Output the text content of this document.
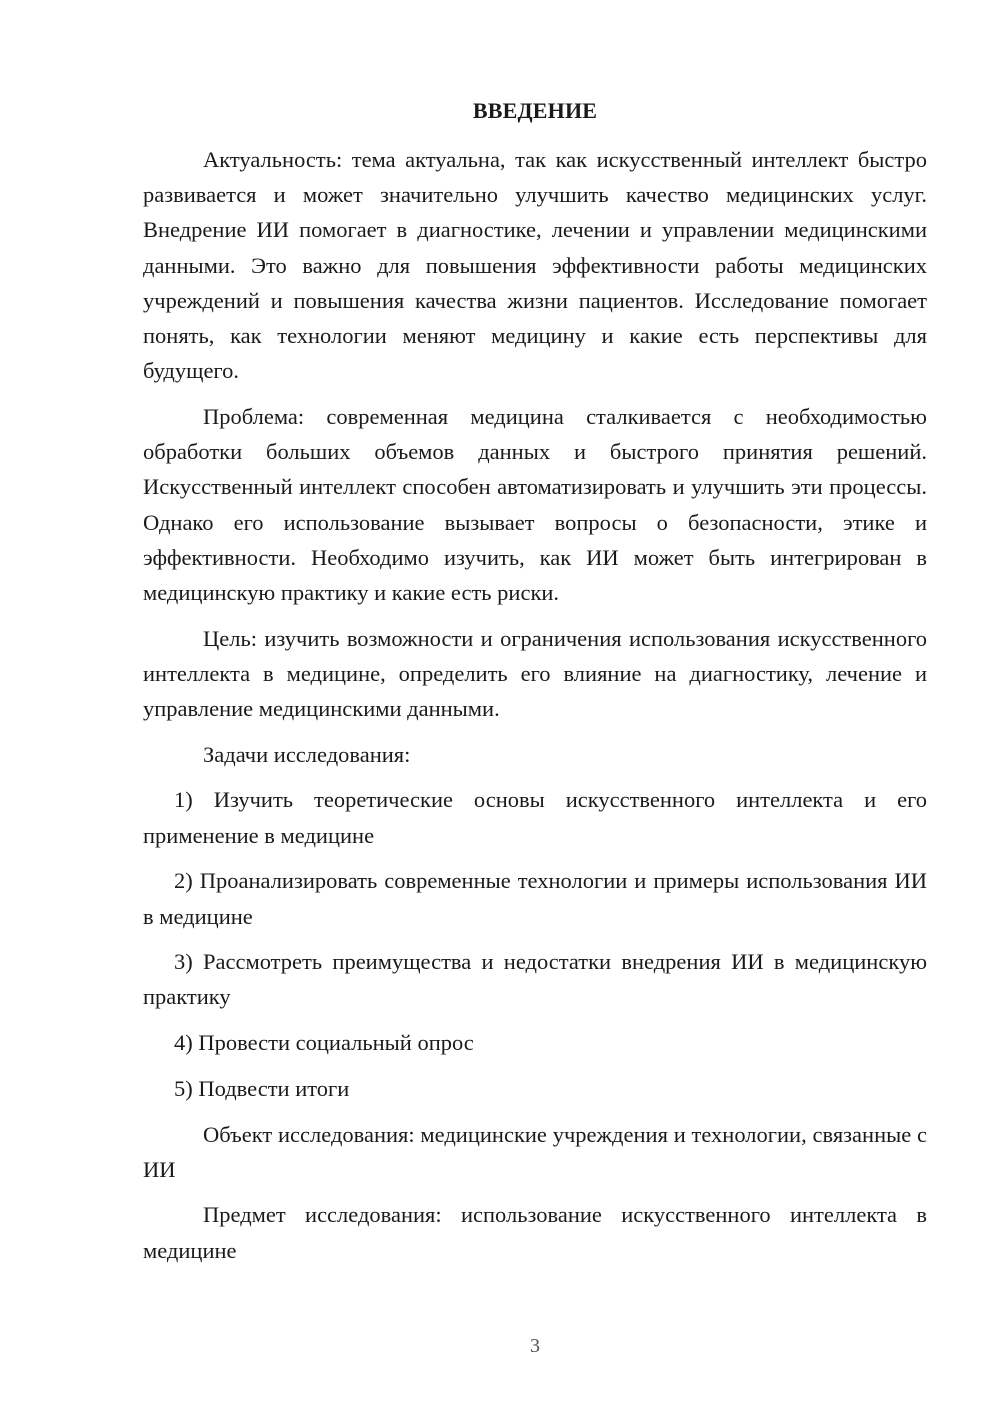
ВВЕДЕНИЕ

Актуальность: тема актуальна, так как искусственный интеллект быстро развивается и может значительно улучшить качество медицинских услуг. Внедрение ИИ помогает в диагностике, лечении и управлении медицинскими данными. Это важно для повышения эффективности работы медицинских учреждений и повышения качества жизни пациентов. Исследование помогает понять, как технологии меняют медицину и какие есть перспективы для будущего.

Проблема: современная медицина сталкивается с необходимостью обработки больших объемов данных и быстрого принятия решений. Искусственный интеллект способен автоматизировать и улучшить эти процессы. Однако его использование вызывает вопросы о безопасности, этике и эффективности. Необходимо изучить, как ИИ может быть интегрирован в медицинскую практику и какие есть риски.

Цель: изучить возможности и ограничения использования искусственного интеллекта в медицине, определить его влияние на диагностику, лечение и управление медицинскими данными.

Задачи исследования:

1) Изучить теоретические основы искусственного интеллекта и его применение в медицине

2) Проанализировать современные технологии и примеры использования ИИ в медицине

3) Рассмотреть преимущества и недостатки внедрения ИИ в медицинскую практику

4) Провести социальный опрос

5) Подвести итоги

Объект исследования: медицинские учреждения и технологии, связанные с ИИ

Предмет исследования: использование искусственного интеллекта в медицине

3
